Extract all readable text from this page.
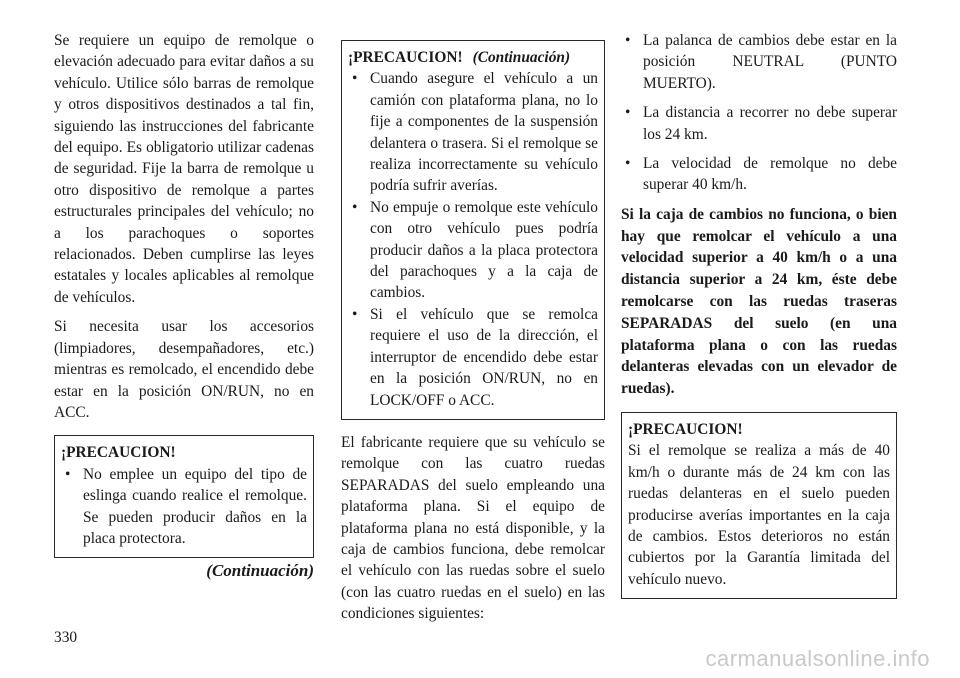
Se requiere un equipo de remolque o elevación adecuado para evitar daños a su vehículo. Utilice sólo barras de remolque y otros dispositivos destinados a tal fin, siguiendo las instrucciones del fabricante del equipo. Es obligatorio utilizar cadenas de seguridad. Fije la barra de remolque u otro dispositivo de remolque a partes estructurales principales del vehículo; no a los parachoques o soportes relacionados. Deben cumplirse las leyes estatales y locales aplicables al remolque de vehículos.

Si necesita usar los accesorios (limpiadores, desempañadores, etc.) mientras es remolcado, el encendido debe estar en la posición ON/RUN, no en ACC.

¡PRECAUCION!
• No emplee un equipo del tipo de eslinga cuando realice el remolque. Se pueden producir daños en la placa protectora.
(Continuación)
¡PRECAUCION! (Continuación)
• Cuando asegure el vehículo a un camión con plataforma plana, no lo fije a componentes de la suspensión delantera o trasera. Si el remolque se realiza incorrectamente su vehículo podría sufrir averías.
• No empuje o remolque este vehículo con otro vehículo pues podría producir daños a la placa protectora del parachoques y a la caja de cambios.
• Si el vehículo que se remolca requiere el uso de la dirección, el interruptor de encendido debe estar en la posición ON/RUN, no en LOCK/OFF o ACC.

El fabricante requiere que su vehículo se remolque con las cuatro ruedas SEPARADAS del suelo empleando una plataforma plana. Si el equipo de plataforma plana no está disponible, y la caja de cambios funciona, debe remolcar el vehículo con las ruedas sobre el suelo (con las cuatro ruedas en el suelo) en las condiciones siguientes:

• La palanca de cambios debe estar en la posición NEUTRAL (PUNTO MUERTO).
• La distancia a recorrer no debe superar los 24 km.
• La velocidad de remolque no debe superar 40 km/h.

Si la caja de cambios no funciona, o bien hay que remolcar el vehículo a una velocidad superior a 40 km/h o a una distancia superior a 24 km, éste debe remolcarse con las ruedas traseras SEPARADAS del suelo (en una plataforma plana o con las ruedas delanteras elevadas con un elevador de ruedas).

¡PRECAUCION!

Si el remolque se realiza a más de 40 km/h o durante más de 24 km con las ruedas delanteras en el suelo pueden producirse averías importantes en la caja de cambios. Estos deterioros no están cubiertos por la Garantía limitada del vehículo nuevo.

330
carmanualsonline.info
